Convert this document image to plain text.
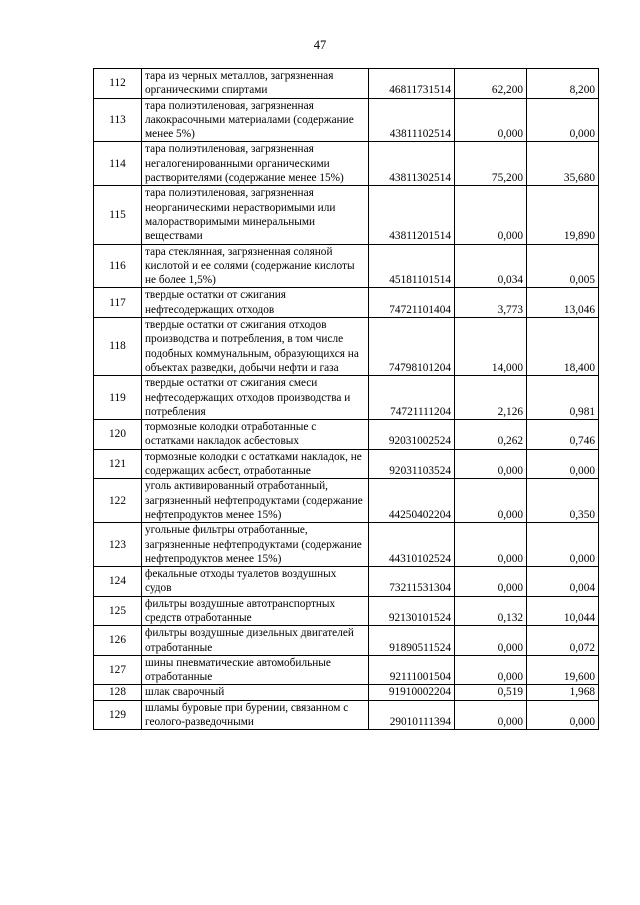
47
112	тара из черных металлов, загрязненная органическими спиртами	46811731514	62,200	8,200
113	тара полиэтиленовая, загрязненная лакокрасочными материалами (содержание менее 5%)	43811102514	0,000	0,000
114	тара полиэтиленовая, загрязненная негалогенированными органическими растворителями (содержание менее 15%)	43811302514	75,200	35,680
115	тара полиэтиленовая, загрязненная неорганическими нерастворимыми или малорастворимыми минеральными веществами	43811201514	0,000	19,890
116	тара стеклянная, загрязненная соляной кислотой и ее солями (содержание кислоты не более 1,5%)	45181101514	0,034	0,005
117	твердые остатки от сжигания нефтесодержащих отходов	74721101404	3,773	13,046
118	твердые остатки от сжигания отходов производства и потребления, в том числе подобных коммунальным, образующихся на объектах разведки, добычи нефти и газа	74798101204	14,000	18,400
119	твердые остатки от сжигания смеси нефтесодержащих отходов производства и потребления	74721111204	2,126	0,981
120	тормозные колодки отработанные с остатками накладок асбестовых	92031002524	0,262	0,746
121	тормозные колодки с остатками накладок, не содержащих асбест, отработанные	92031103524	0,000	0,000
122	уголь активированный отработанный, загрязненный нефтепродуктами (содержание нефтепродуктов менее 15%)	44250402204	0,000	0,350
123	угольные фильтры отработанные, загрязненные нефтепродуктами (содержание нефтепродуктов менее 15%)	44310102524	0,000	0,000
124	фекальные отходы туалетов воздушных судов	73211531304	0,000	0,004
125	фильтры воздушные автотранспортных средств отработанные	92130101524	0,132	10,044
126	фильтры воздушные дизельных двигателей отработанные	91890511524	0,000	0,072
127	шины пневматические автомобильные отработанные	92111001504	0,000	19,600
128	шлак сварочный	91910002204	0,519	1,968
129	шламы буровые при бурении, связанном с геолого-разведочными	29010111394	0,000	0,000
